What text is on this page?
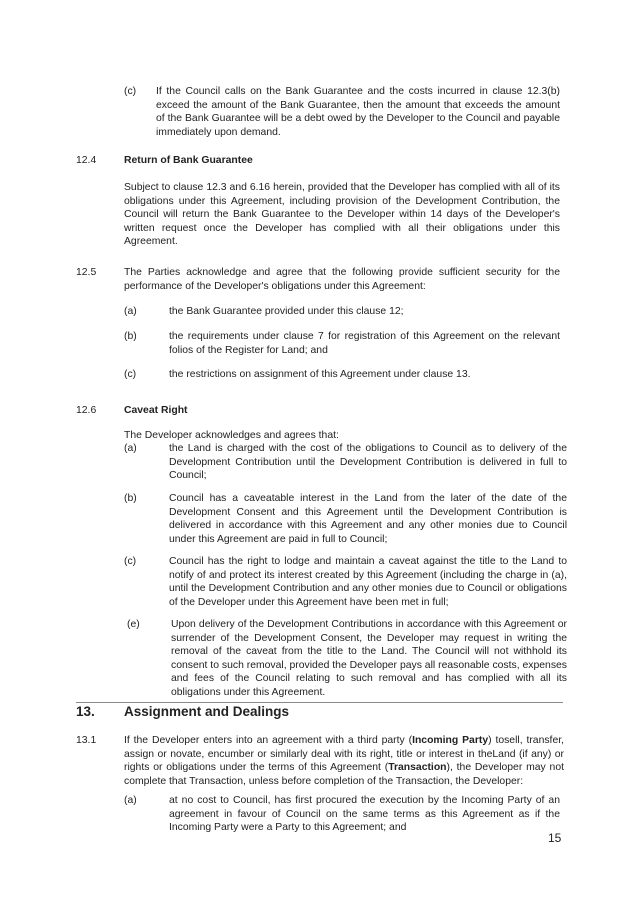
(c) If the Council calls on the Bank Guarantee and the costs incurred in clause 12.3(b) exceed the amount of the Bank Guarantee, then the amount that exceeds the amount of the Bank Guarantee will be a debt owed by the Developer to the Council and payable immediately upon demand.
12.4	Return of Bank Guarantee
Subject to clause 12.3 and 6.16 herein, provided that the Developer has complied with all of its obligations under this Agreement, including provision of the Development Contribution, the Council will return the Bank Guarantee to the Developer within 14 days of the Developer's written request once the Developer has complied with all their obligations under this Agreement.
12.5	The Parties acknowledge and agree that the following provide sufficient security for the performance of the Developer's obligations under this Agreement:
(a)	the Bank Guarantee provided under this clause 12;
(b)	the requirements under clause 7 for registration of this Agreement on the relevant folios of the Register for Land; and
(c)	the restrictions on assignment of this Agreement under clause 13.
12.6	Caveat Right
The Developer acknowledges and agrees that:
(a)	the Land is charged with the cost of the obligations to Council as to delivery of the Development Contribution until the Development Contribution is delivered in full to Council;
(b)	Council has a caveatable interest in the Land from the later of the date of the Development Consent and this Agreement until the Development Contribution is delivered in accordance with this Agreement and any other monies due to Council under this Agreement are paid in full to Council;
(c)	Council has the right to lodge and maintain a caveat against the title to the Land to notify of and protect its interest created by this Agreement (including the charge in (a), until the Development Contribution and any other monies due to Council or obligations of the Developer under this Agreement have been met in full;
(e)	Upon delivery of the Development Contributions in accordance with this Agreement or surrender of the Development Consent, the Developer may request in writing the removal of the caveat from the title to the Land. The Council will not withhold its consent to such removal, provided the Developer pays all reasonable costs, expenses and fees of the Council relating to such removal and has complied with all its obligations under this Agreement.
13. Assignment and Dealings
13.1	If the Developer enters into an agreement with a third party (Incoming Party) tosell, transfer, assign or novate, encumber or similarly deal with its right, title or interest in theLand (if any) or rights or obligations under the terms of this Agreement (Transaction), the Developer may not complete that Transaction, unless before completion of the Transaction, the Developer:
(a)	at no cost to Council, has first procured the execution by the Incoming Party of an agreement in favour of Council on the same terms as this Agreement as if the Incoming Party were a Party to this Agreement; and
15
